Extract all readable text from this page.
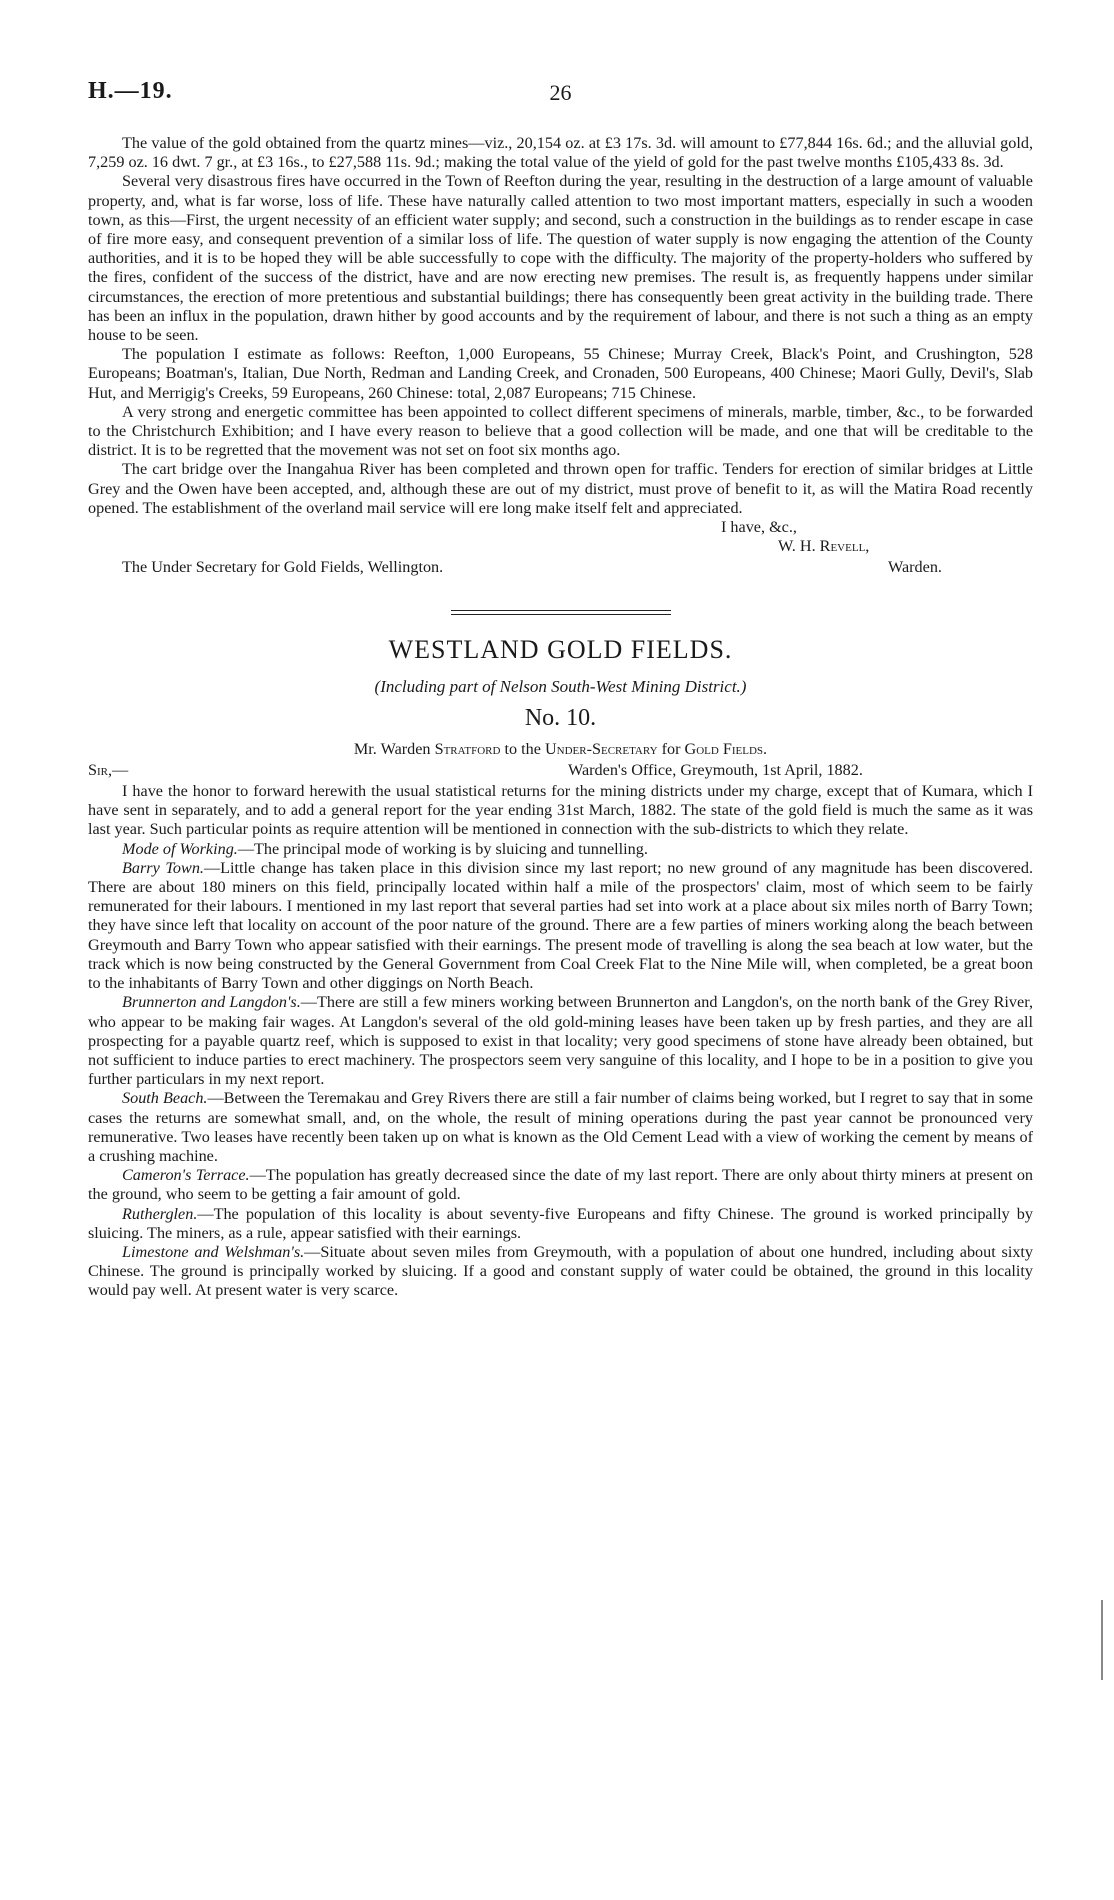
H.—19.	26

The value of the gold obtained from the quartz mines—viz., 20,154 oz. at £3 17s. 3d. will amount to £77,844 16s. 6d.; and the alluvial gold, 7,259 oz. 16 dwt. 7 gr., at £3 16s., to £27,588 11s. 9d.; making the total value of the yield of gold for the past twelve months £105,433 8s. 3d.

Several very disastrous fires have occurred in the Town of Reefton during the year, resulting in the destruction of a large amount of valuable property, and, what is far worse, loss of life. These have naturally called attention to two most important matters, especially in such a wooden town, as this—First, the urgent necessity of an efficient water supply; and second, such a construction in the buildings as to render escape in case of fire more easy, and consequent prevention of a similar loss of life. The question of water supply is now engaging the attention of the County authorities, and it is to be hoped they will be able successfully to cope with the difficulty. The majority of the property-holders who suffered by the fires, confident of the success of the district, have and are now erecting new premises. The result is, as frequently happens under similar circumstances, the erection of more pretentious and substantial buildings; there has consequently been great activity in the building trade. There has been an influx in the population, drawn hither by good accounts and by the requirement of labour, and there is not such a thing as an empty house to be seen.

The population I estimate as follows: Reefton, 1,000 Europeans, 55 Chinese; Murray Creek, Black's Point, and Crushington, 528 Europeans; Boatman's, Italian, Due North, Redman and Landing Creek, and Cronaden, 500 Europeans, 400 Chinese; Maori Gully, Devil's, Slab Hut, and Merrigig's Creeks, 59 Europeans, 260 Chinese: total, 2,087 Europeans; 715 Chinese.

A very strong and energetic committee has been appointed to collect different specimens of minerals, marble, timber, &c., to be forwarded to the Christchurch Exhibition; and I have every reason to believe that a good collection will be made, and one that will be creditable to the district. It is to be regretted that the movement was not set on foot six months ago.

The cart bridge over the Inangahua River has been completed and thrown open for traffic. Tenders for erection of similar bridges at Little Grey and the Owen have been accepted, and, although these are out of my district, must prove of benefit to it, as will the Matira Road recently opened. The establishment of the overland mail service will ere long make itself felt and appreciated.

I have, &c.,
W. H. Revell,
The Under Secretary for Gold Fields, Wellington.	Warden.
WESTLAND GOLD FIELDS.
(Including part of Nelson South-West Mining District.)
No. 10.
Mr. Warden Stratford to the Under-Secretary for Gold Fields.
Sir,—	Warden's Office, Greymouth, 1st April, 1882.

I have the honor to forward herewith the usual statistical returns for the mining districts under my charge, except that of Kumara, which I have sent in separately, and to add a general report for the year ending 31st March, 1882. The state of the gold field is much the same as it was last year. Such particular points as require attention will be mentioned in connection with the sub-districts to which they relate.

Mode of Working.—The principal mode of working is by sluicing and tunnelling.

Barry Town.—Little change has taken place in this division since my last report; no new ground of any magnitude has been discovered. There are about 180 miners on this field, principally located within half a mile of the prospectors' claim, most of which seem to be fairly remunerated for their labours. I mentioned in my last report that several parties had set into work at a place about six miles north of Barry Town; they have since left that locality on account of the poor nature of the ground. There are a few parties of miners working along the beach between Greymouth and Barry Town who appear satisfied with their earnings. The present mode of travelling is along the sea beach at low water, but the track which is now being constructed by the General Government from Coal Creek Flat to the Nine Mile will, when completed, be a great boon to the inhabitants of Barry Town and other diggings on North Beach.

Brunnerton and Langdon's.—There are still a few miners working between Brunnerton and Langdon's, on the north bank of the Grey River, who appear to be making fair wages. At Langdon's several of the old gold-mining leases have been taken up by fresh parties, and they are all prospecting for a payable quartz reef, which is supposed to exist in that locality; very good specimens of stone have already been obtained, but not sufficient to induce parties to erect machinery. The prospectors seem very sanguine of this locality, and I hope to be in a position to give you further particulars in my next report.

South Beach.—Between the Teremakau and Grey Rivers there are still a fair number of claims being worked, but I regret to say that in some cases the returns are somewhat small, and, on the whole, the result of mining operations during the past year cannot be pronounced very remunerative. Two leases have recently been taken up on what is known as the Old Cement Lead with a view of working the cement by means of a crushing machine.

Cameron's Terrace.—The population has greatly decreased since the date of my last report. There are only about thirty miners at present on the ground, who seem to be getting a fair amount of gold.

Rutherglen.—The population of this locality is about seventy-five Europeans and fifty Chinese. The ground is worked principally by sluicing. The miners, as a rule, appear satisfied with their earnings.

Limestone and Welshman's.—Situate about seven miles from Greymouth, with a population of about one hundred, including about sixty Chinese. The ground is principally worked by sluicing. If a good and constant supply of water could be obtained, the ground in this locality would pay well. At present water is very scarce.
